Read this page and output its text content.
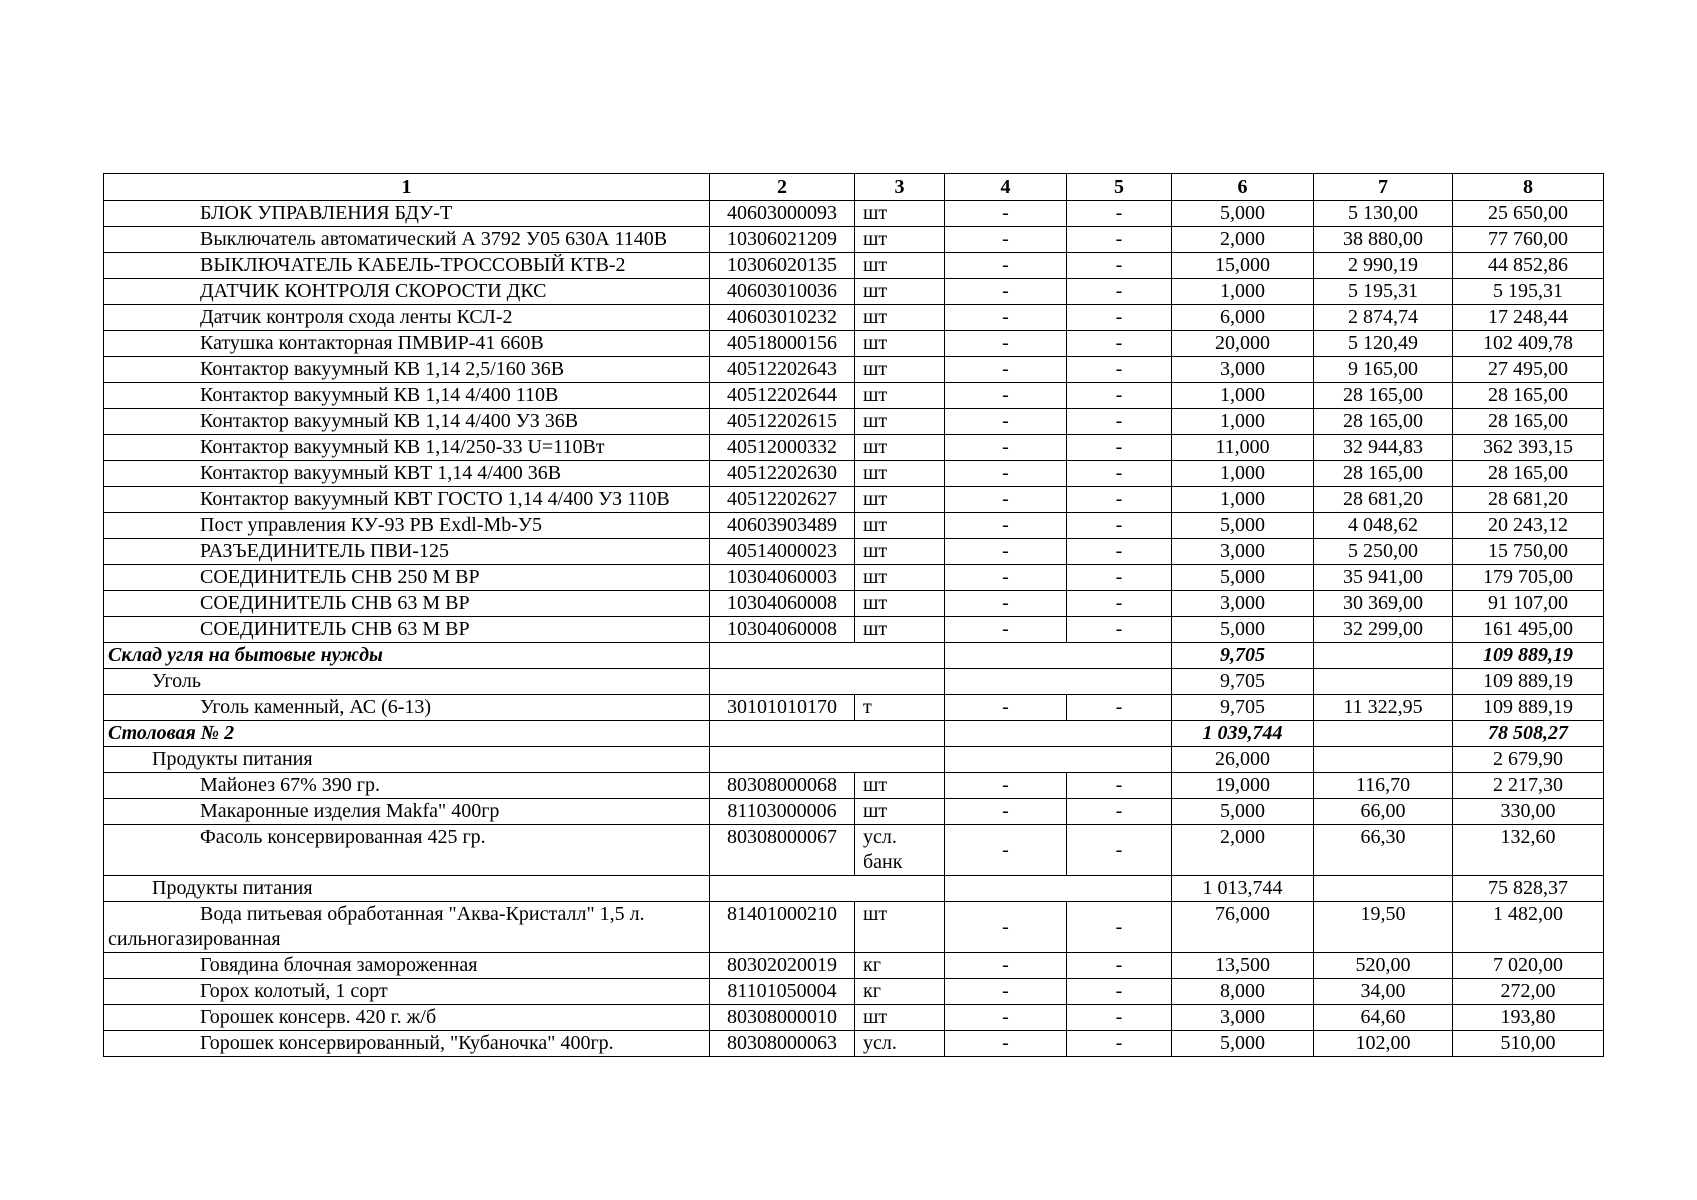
1	2	3	4	5	6	7	8
БЛОК УПРАВЛЕНИЯ БДУ-Т	40603000093	шт	-	-	5,000	5 130,00	25 650,00
Выключатель автоматический А 3792 У05 630А 1140В	10306021209	шт	-	-	2,000	38 880,00	77 760,00
ВЫКЛЮЧАТЕЛЬ КАБЕЛЬ-ТРОССОВЫЙ КТВ-2	10306020135	шт	-	-	15,000	2 990,19	44 852,86
ДАТЧИК КОНТРОЛЯ СКОРОСТИ ДКС	40603010036	шт	-	-	1,000	5 195,31	5 195,31
Датчик контроля схода ленты КСЛ-2	40603010232	шт	-	-	6,000	2 874,74	17 248,44
Катушка контакторная ПМВИР-41 660В	40518000156	шт	-	-	20,000	5 120,49	102 409,78
Контактор вакуумный КВ 1,14 2,5/160 36В	40512202643	шт	-	-	3,000	9 165,00	27 495,00
Контактор вакуумный КВ 1,14 4/400 110В	40512202644	шт	-	-	1,000	28 165,00	28 165,00
Контактор вакуумный КВ 1,14 4/400 УЗ 36В	40512202615	шт	-	-	1,000	28 165,00	28 165,00
Контактор вакуумный КВ 1,14/250-33 U=110Вт	40512000332	шт	-	-	11,000	32 944,83	362 393,15
Контактор вакуумный КВТ 1,14 4/400 36В	40512202630	шт	-	-	1,000	28 165,00	28 165,00
Контактор вакуумный КВТ ГОСТО 1,14 4/400 УЗ 110В	40512202627	шт	-	-	1,000	28 681,20	28 681,20
Пост управления КУ-93 РВ Exdl-Mb-У5	40603903489	шт	-	-	5,000	4 048,62	20 243,12
РАЗЪЕДИНИТЕЛЬ ПВИ-125	40514000023	шт	-	-	3,000	5 250,00	15 750,00
СОЕДИНИТЕЛЬ СНВ 250 М ВР	10304060003	шт	-	-	5,000	35 941,00	179 705,00
СОЕДИНИТЕЛЬ СНВ 63 М ВР	10304060008	шт	-	-	3,000	30 369,00	91 107,00
СОЕДИНИТЕЛЬ СНВ 63 М ВР	10304060008	шт	-	-	5,000	32 299,00	161 495,00
Склад угля на бытовые нужды					9,705		109 889,19
Уголь					9,705		109 889,19
Уголь каменный, АС (6-13)	30101010170	т	-	-	9,705	11 322,95	109 889,19
Столовая № 2					1 039,744		78 508,27
Продукты питания					26,000		2 679,90
Майонез 67% 390 гр.	80308000068	шт	-	-	19,000	116,70	2 217,30
Макаронные изделия Makfa" 400гр	81103000006	шт	-	-	5,000	66,00	330,00
Фасоль консервированная 425 гр.	80308000067	усл. банк	-	-	2,000	66,30	132,60
Продукты питания					1 013,744		75 828,37
Вода питьевая обработанная "Аква-Кристалл" 1,5 л. сильногазированная	81401000210	шт	-	-	76,000	19,50	1 482,00
Говядина блочная замороженная	80302020019	кг	-	-	13,500	520,00	7 020,00
Горох колотый, 1 сорт	81101050004	кг	-	-	8,000	34,00	272,00
Горошек консерв. 420 г. ж/б	80308000010	шт	-	-	3,000	64,60	193,80
Горошек консервированный, "Кубаночка" 400гр.	80308000063	усл.	-	-	5,000	102,00	510,00
